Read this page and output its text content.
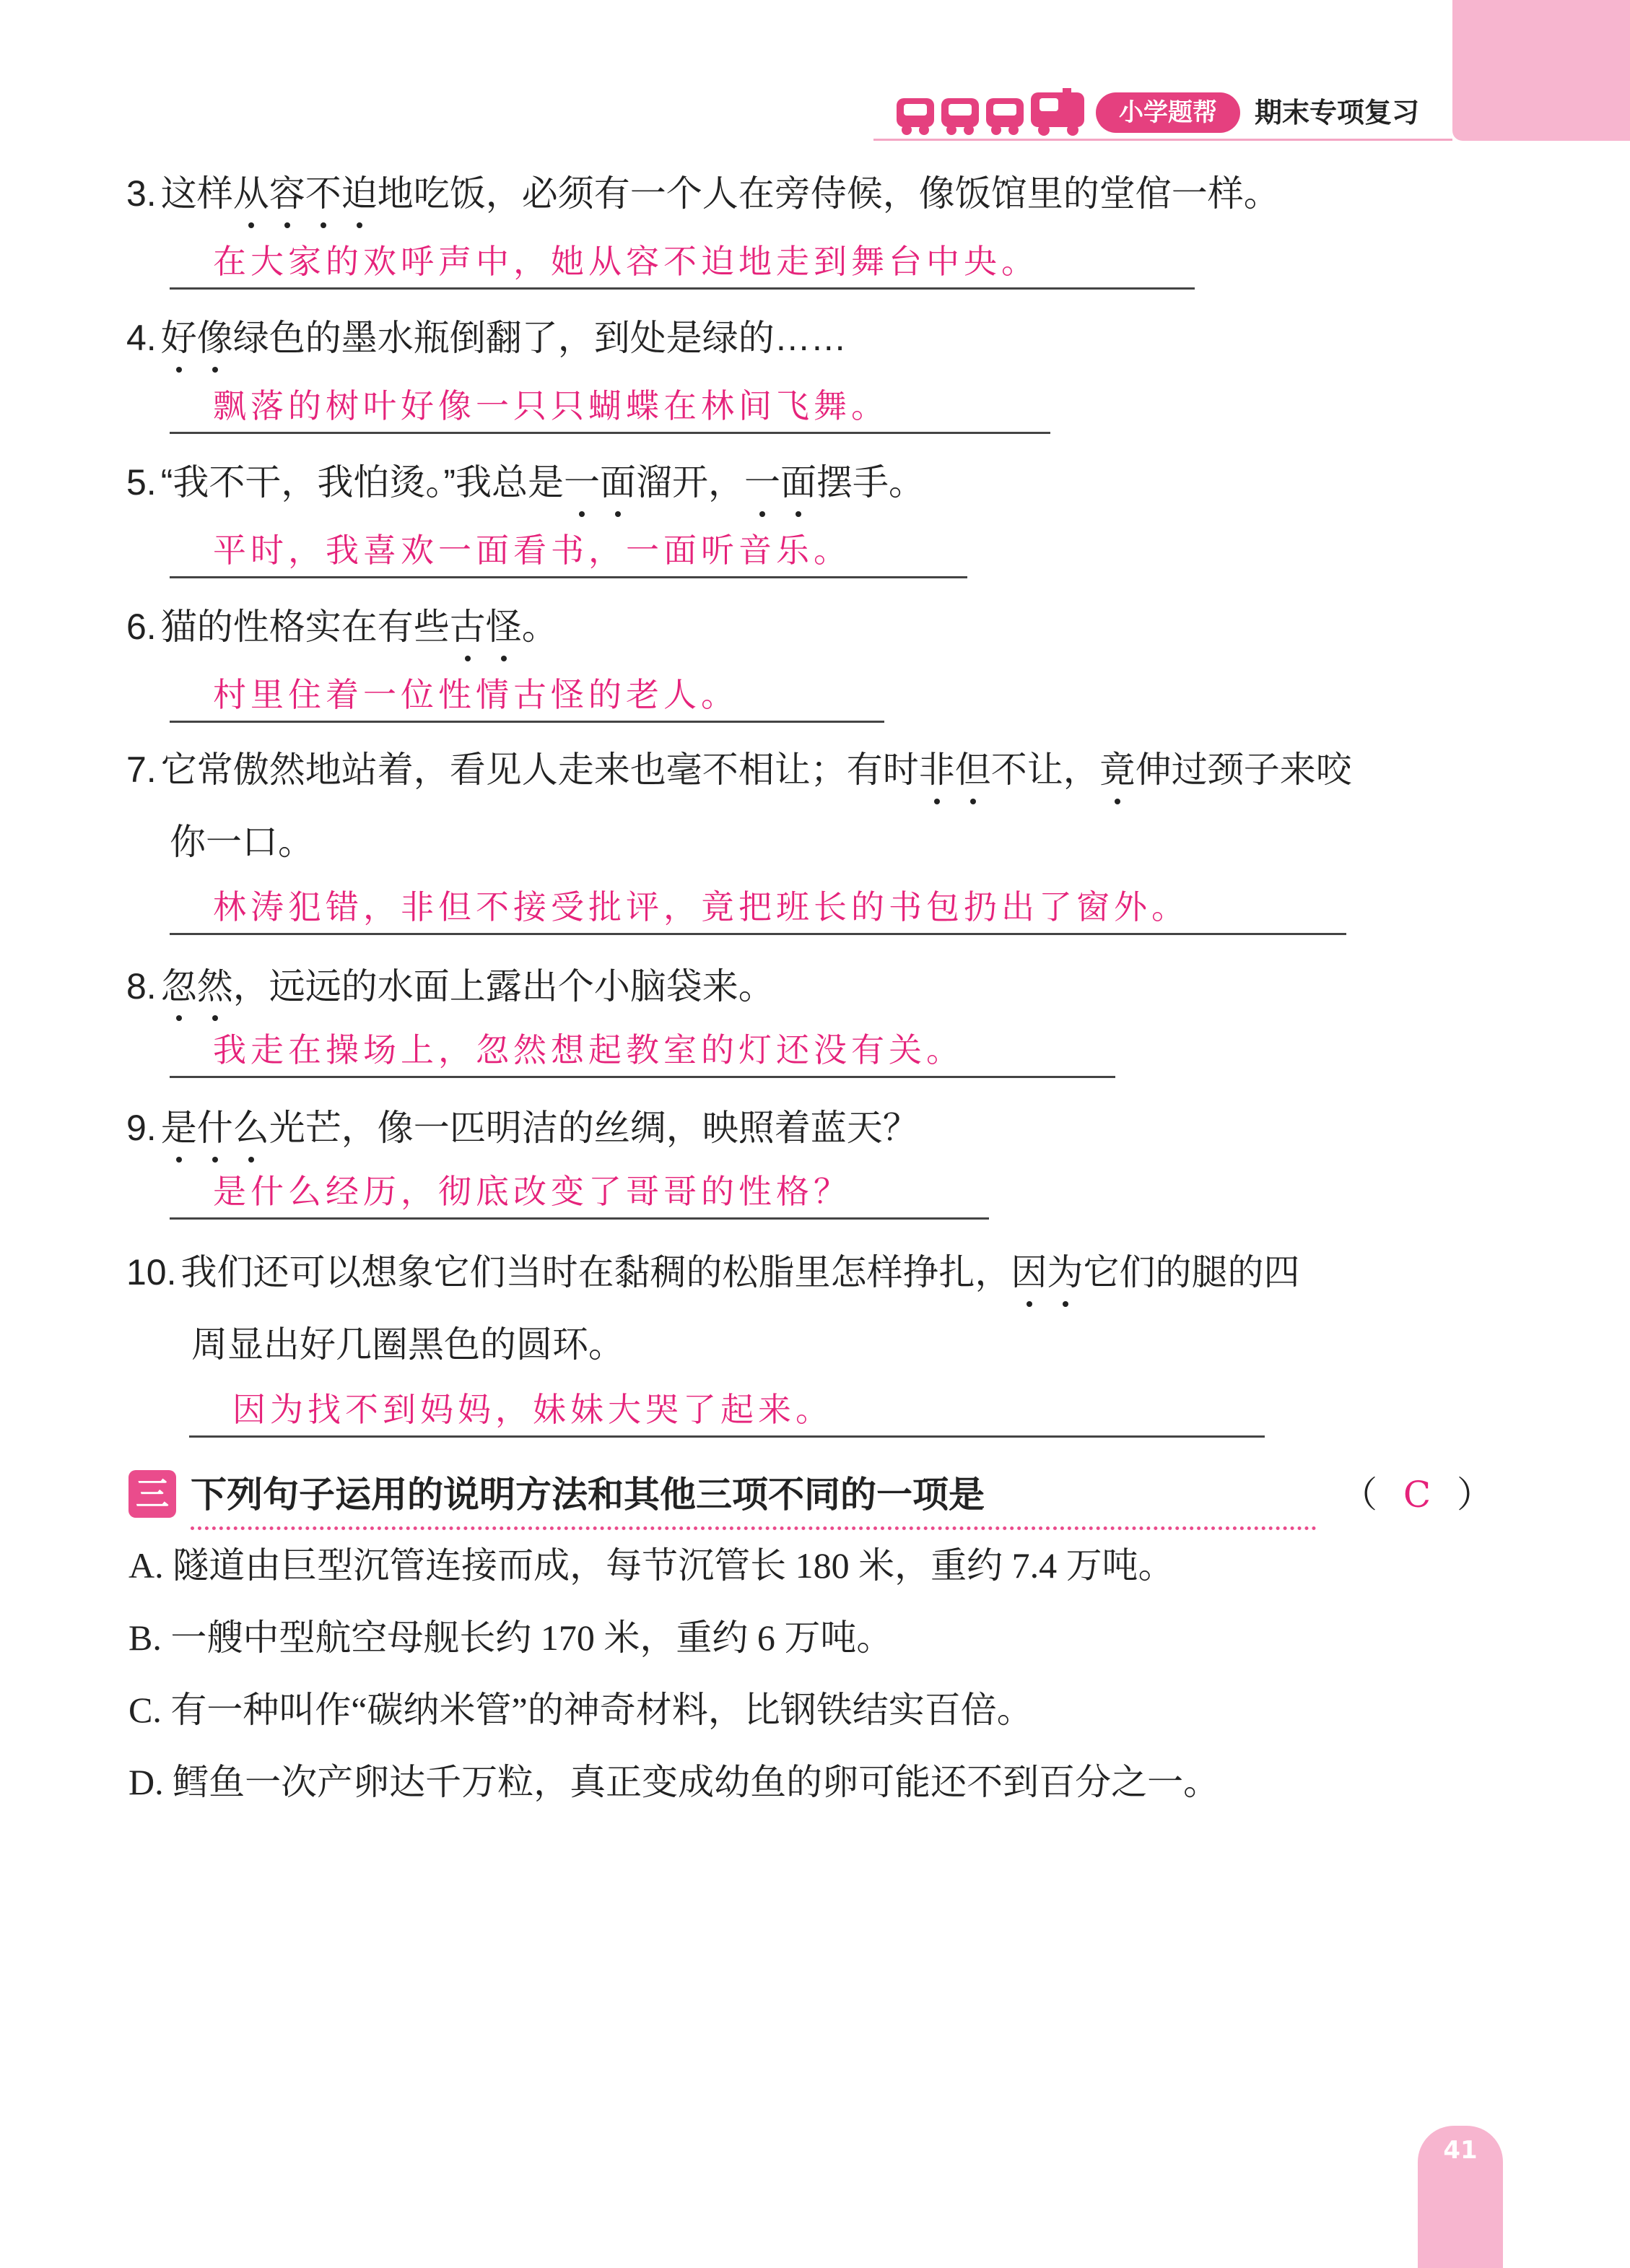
小学题帮	期末专项复习
3. 这样从容不迫地吃饭，必须有一个人在旁侍候，像饭馆里的堂倌一样。
在大家的欢呼声中，她从容不迫地走到舞台中央。
4. 好像绿色的墨水瓶倒翻了，到处是绿的……
飘落的树叶好像一只只蝴蝶在林间飞舞。
5. “我不干，我怕烫。”我总是一面溜开，一面摆手。
平时，我喜欢一面看书，一面听音乐。
6. 猫的性格实在有些古怪。
村里住着一位性情古怪的老人。
7. 它常傲然地站着，看见人走来也毫不相让；有时非但不让，竟伸过颈子来咬
你一口。
林涛犯错，非但不接受批评，竟把班长的书包扔出了窗外。
8. 忽然，远远的水面上露出个小脑袋来。
我走在操场上，忽然想起教室的灯还没有关。
9. 是什么光芒，像一匹明洁的丝绸，映照着蓝天？
是什么经历，彻底改变了哥哥的性格？
10. 我们还可以想象它们当时在黏稠的松脂里怎样挣扎，因为它们的腿的四
周显出好几圈黑色的圆环。
因为找不到妈妈，妹妹大哭了起来。
三 下列句子运用的说明方法和其他三项不同的一项是	（ C ）
A. 隧道由巨型沉管连接而成，每节沉管长 180 米，重约 7.4 万吨。
B. 一艘中型航空母舰长约 170 米，重约 6 万吨。
C. 有一种叫作“碳纳米管”的神奇材料，比钢铁结实百倍。
D. 鳕鱼一次产卵达千万粒，真正变成幼鱼的卵可能还不到百分之一。
41
